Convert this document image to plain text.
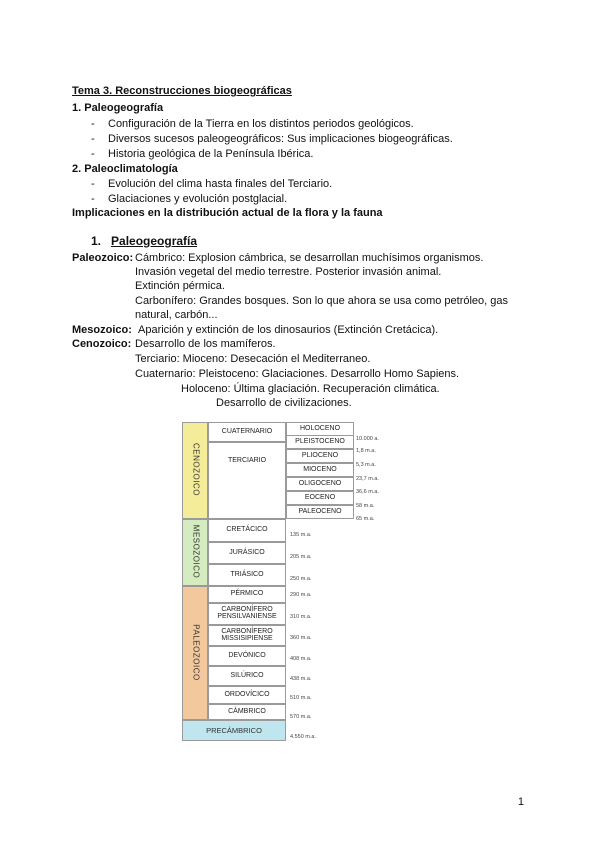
Tema 3. Reconstrucciones biogeográficas
1. Paleogeografía
- Configuración de la Tierra en los distintos periodos geológicos.
- Diversos sucesos paleogeográficos: Sus implicaciones biogeográficas.
- Historia geológica de la Península Ibérica.
2. Paleoclimatología
- Evolución del clima hasta finales del Terciario.
- Glaciaciones y evolución postglacial.
Implicaciones en la distribución actual de la flora y la fauna
1. Paleogeografía
Paleozoico: Cámbrico: Explosion cámbrica, se desarrollan muchísimos organismos.
Invasión vegetal del medio terrestre. Posterior invasión animal.
Extinción pérmica.
Carbonífero: Grandes bosques. Son lo que ahora se usa como petróleo, gas
natural, carbón...
Mesozoico: Aparición y extinción de los dinosaurios (Extinción Cretácica).
Cenozoico: Desarrollo de los mamíferos.
Terciario: Mioceno: Desecación el Mediterraneo.
Cuaternario: Pleistoceno: Glaciaciones. Desarrollo Homo Sapiens.
Holoceno: Última glaciación. Recuperación climática.
Desarrollo de civilizaciones.
CENOZOICO
MESOZOICO
PALEOZOICO
PRECÁMBRICO
CUATERNARIO
TERCIARIO
HOLOCENO
PLEISTOCENO
PLIOCENO
MIOCENO
OLIGOCENO
EOCENO
PALEOCENO
CRETÁCICO
JURÁSICO
TRIÁSICO
PÉRMICO
CARBONÍFERO PENSILVANIENSE
CARBONÍFERO MISSISIPIENSE
DEVÓNICO
SILÚRICO
ORDOVÍCICO
CÁMBRICO
10.000 a.
1,8 m.a.
5,3 m.a.
23,7 m.a.
36,6 m.a.
58 m.a.
65 m.a.
135 m.a.
205 m.a.
250 m.a.
290 m.a.
310 m.a.
360 m.a.
408 m.a.
438 m.a.
510 m.a.
570 m.a.
4.550 m.a.
1
